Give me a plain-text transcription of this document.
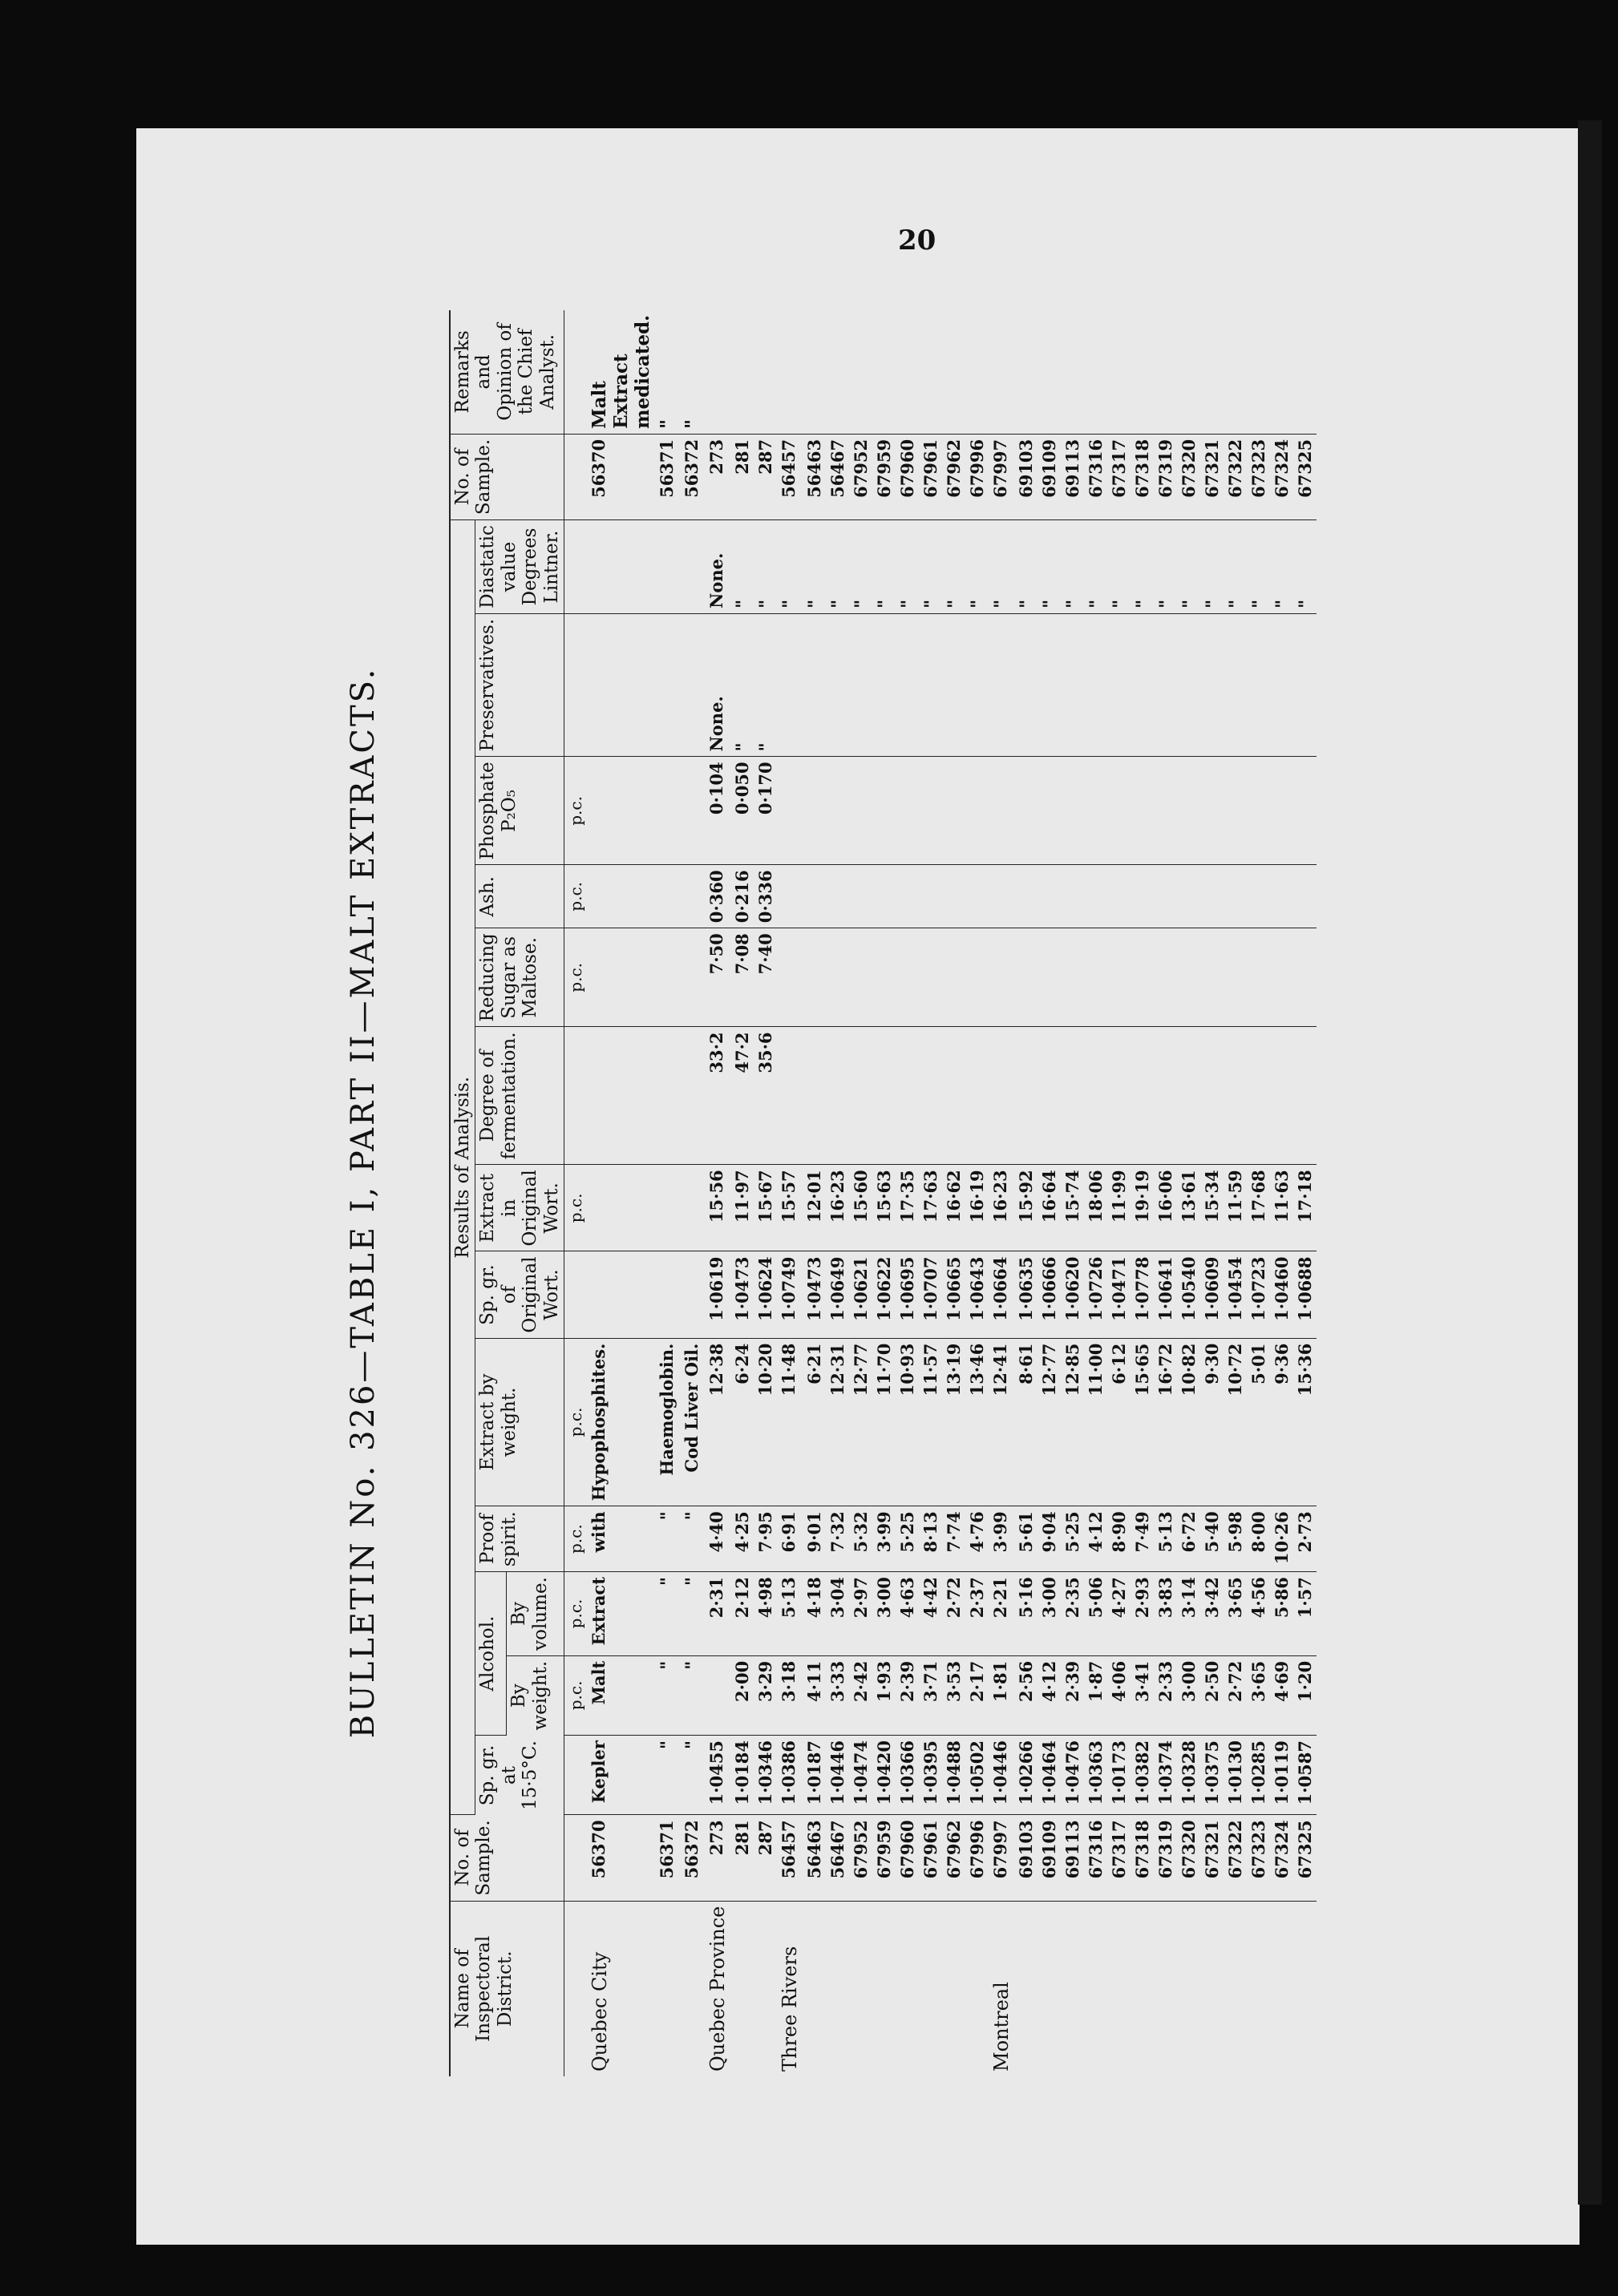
20
BULLETIN No. 326—TABLE I, PART II—MALT EXTRACTS.
Name of Inspectoral District.	No. of Sample.	Results of Analysis.													No. of Sample.	Remarks and Opinion of the Chief Analyst.
		Sp. gr. at 15·5°C.	Alcohol.		Proof spirit.	Extract by weight.	Sp. gr. of Original Wort.	Extract in Original Wort.	Degree of fermentation.	Reducing Sugar as Maltose.	Ash.	Phosphate P₂O₅	Preservatives.	Diastatic value Degrees Lintner.		
			By weight.	By volume.												
			p.c.	p.c.	p.c.	p.c.		p.c.		p.c.	p.c.	p.c.				
Quebec City	56370	Kepler	Malt	Extract	with	Hypophosphites.									56370	Malt Extract medicated.
	56371	"	"	"	"	Haemoglobin.									56371	"
	56372	"	"	"	"	Cod Liver Oil.									56372	"
Quebec Province	273	1·0455		2·31	4·40	12·38	1·0619	15·56	33·2	7·50	0·360	0·104	None.	None.	273	
	281	1·0184	2·00	2·12	4·25	6·24	1·0473	11·97	47·2	7·08	0·216	0·050	"	"	281	
	287	1·0346	3·29	4·98	7·95	10·20	1·0624	15·67	35·6	7·40	0·336	0·170	"	"	287	
Three Rivers	56457	1·0386	3·18	5·13	6·91	11·48	1·0749	15·57						"	56457	
	56463	1·0187	4·11	4·18	9·01	6·21	1·0473	12·01						"	56463	
	56467	1·0446	3·33	3·04	7·32	12·31	1·0649	16·23						"	56467	
	67952	1·0474	2·42	2·97	5·32	12·77	1·0621	15·60						"	67952	
	67959	1·0420	1·93	3·00	3·99	11·70	1·0622	15·63						"	67959	
	67960	1·0366	2·39	4·63	5·25	10·93	1·0695	17·35						"	67960	
	67961	1·0395	3·71	4·42	8·13	11·57	1·0707	17·63						"	67961	
	67962	1·0488	3·53	2·72	7·74	13·19	1·0665	16·62						"	67962	
	67996	1·0502	2·17	2·37	4·76	13·46	1·0643	16·19						"	67996	
Montreal	67997	1·0446	1·81	2·21	3·99	12·41	1·0664	16·23						"	67997	
	69103	1·0266	2·56	5·16	5·61	8·61	1·0635	15·92						"	69103	
	69109	1·0464	4·12	3·00	9·04	12·77	1·0666	16·64						"	69109	
	69113	1·0476	2·39	2·35	5·25	12·85	1·0620	15·74						"	69113	
	67316	1·0363	1·87	5·06	4·12	11·00	1·0726	18·06						"	67316	
	67317	1·0173	4·06	4·27	8·90	6·12	1·0471	11·99						"	67317	
	67318	1·0382	3·41	2·93	7·49	15·65	1·0778	19·19						"	67318	
	67319	1·0374	2·33	3·83	5·13	16·72	1·0641	16·06						"	67319	
	67320	1·0328	3·00	3·14	6·72	10·82	1·0540	13·61						"	67320	
	67321	1·0375	2·50	3·42	5·40	9·30	1·0609	15·34						"	67321	
	67322	1·0130	2·72	3·65	5·98	10·72	1·0454	11·59						"	67322	
	67323	1·0285	3·65	4·56	8·00	5·01	1·0723	17·68						"	67323	
	67324	1·0119	4·69	5·86	10·26	9·36	1·0460	11·63						"	67324	
	67325	1·0587	1·20	1·57	2·73	15·36	1·0688	17·18						"	67325	
